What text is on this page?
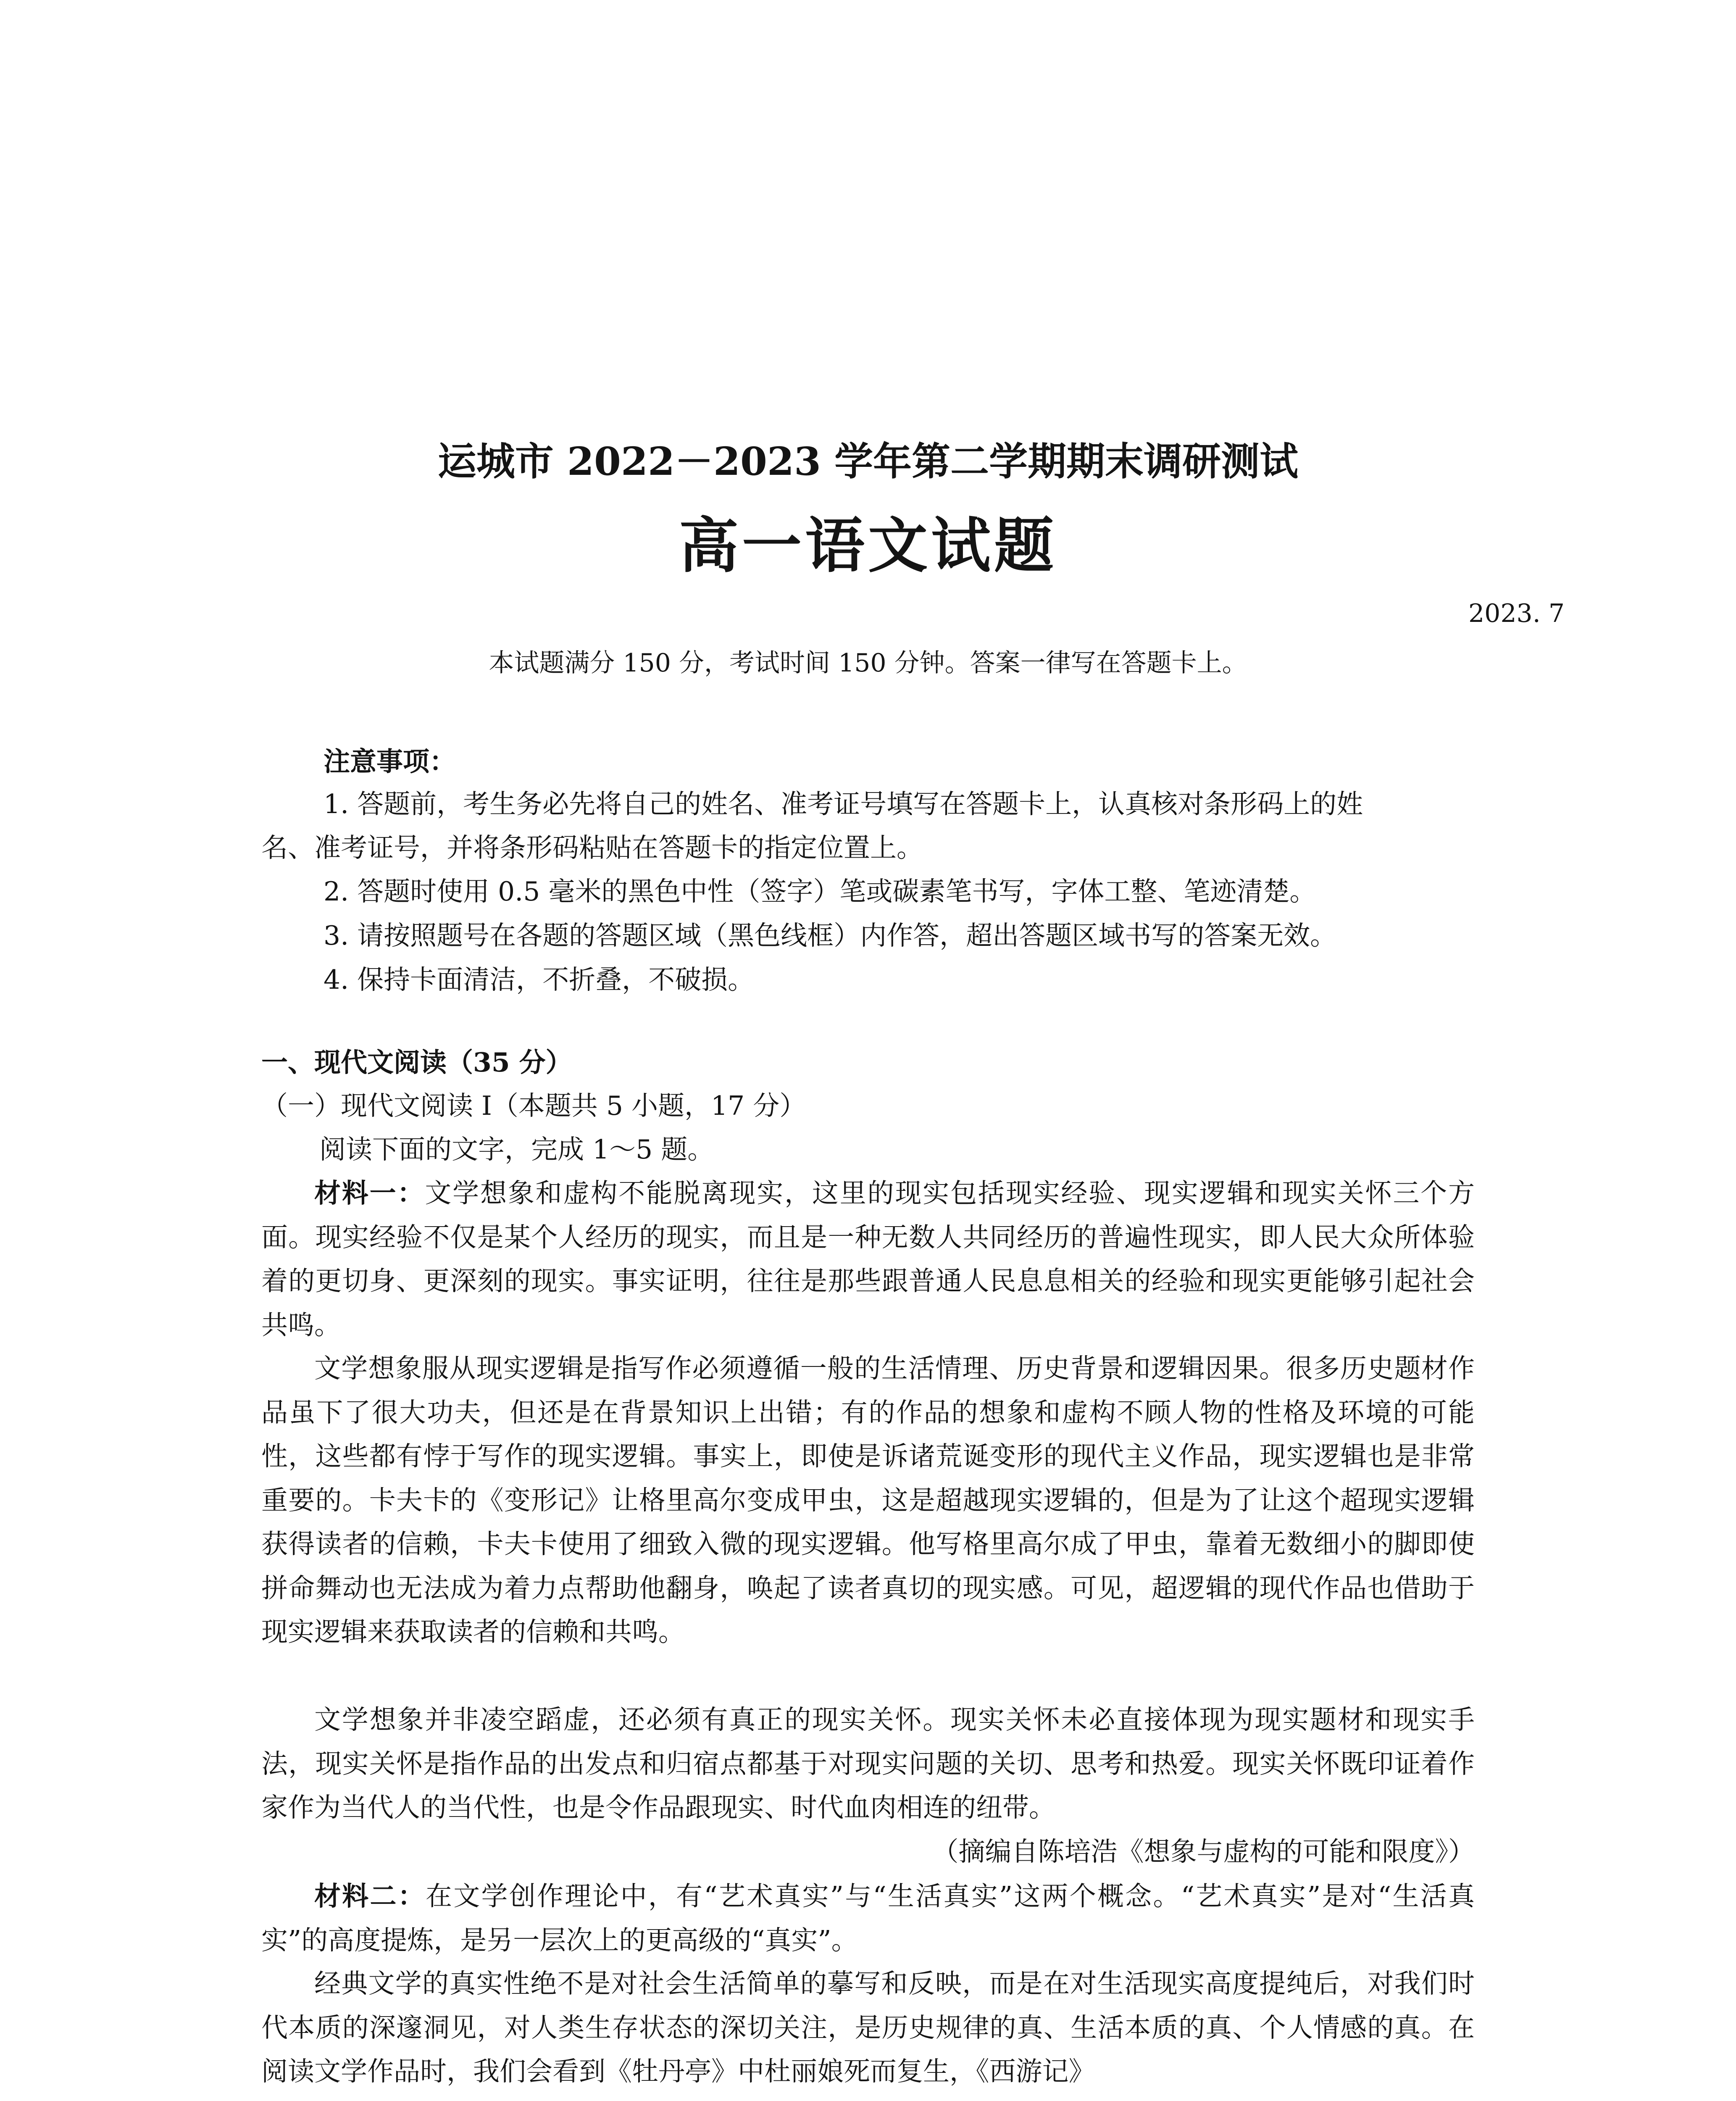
运城市 2022－2023 学年第二学期期末调研测试
高一语文试题
2023. 7
本试题满分 150 分，考试时间 150 分钟。答案一律写在答题卡上。
注意事项：
1. 答题前，考生务必先将自己的姓名、准考证号填写在答题卡上，认真核对条形码上的姓
名、准考证号，并将条形码粘贴在答题卡的指定位置上。
2. 答题时使用 0.5 毫米的黑色中性（签字）笔或碳素笔书写，字体工整、笔迹清楚。
3. 请按照题号在各题的答题区域（黑色线框）内作答，超出答题区域书写的答案无效。
4. 保持卡面清洁，不折叠，不破损。
一、现代文阅读（35 分）
（一）现代文阅读 Ⅰ（本题共 5 小题，17 分）
阅读下面的文字，完成 1～5 题。
材料一：文学想象和虚构不能脱离现实，这里的现实包括现实经验、现实逻辑和现实关怀三个方面。现实经验不仅是某个人经历的现实，而且是一种无数人共同经历的普遍性现实，即人民大众所体验着的更切身、更深刻的现实。事实证明，往往是那些跟普通人民息息相关的经验和现实更能够引起社会共鸣。
文学想象服从现实逻辑是指写作必须遵循一般的生活情理、历史背景和逻辑因果。很多历史题材作品虽下了很大功夫，但还是在背景知识上出错；有的作品的想象和虚构不顾人物的性格及环境的可能性，这些都有悖于写作的现实逻辑。事实上，即使是诉诸荒诞变形的现代主义作品，现实逻辑也是非常重要的。卡夫卡的《变形记》让格里高尔变成甲虫，这是超越现实逻辑的，但是为了让这个超现实逻辑获得读者的信赖，卡夫卡使用了细致入微的现实逻辑。他写格里高尔成了甲虫，靠着无数细小的脚即使拼命舞动也无法成为着力点帮助他翻身，唤起了读者真切的现实感。可见，超逻辑的现代作品也借助于现实逻辑来获取读者的信赖和共鸣。
文学想象并非凌空蹈虚，还必须有真正的现实关怀。现实关怀未必直接体现为现实题材和现实手法，现实关怀是指作品的出发点和归宿点都基于对现实问题的关切、思考和热爱。现实关怀既印证着作家作为当代人的当代性，也是令作品跟现实、时代血肉相连的纽带。
（摘编自陈培浩《想象与虚构的可能和限度》）
材料二：在文学创作理论中，有“艺术真实”与“生活真实”这两个概念。“艺术真实”是对“生活真实”的高度提炼，是另一层次上的更高级的“真实”。
经典文学的真实性绝不是对社会生活简单的摹写和反映，而是在对生活现实高度提纯后，对我们时代本质的深邃洞见，对人类生存状态的深切关注，是历史规律的真、生活本质的真、个人情感的真。在阅读文学作品时，我们会看到《牡丹亭》中杜丽娘死而复生，《西游记》
